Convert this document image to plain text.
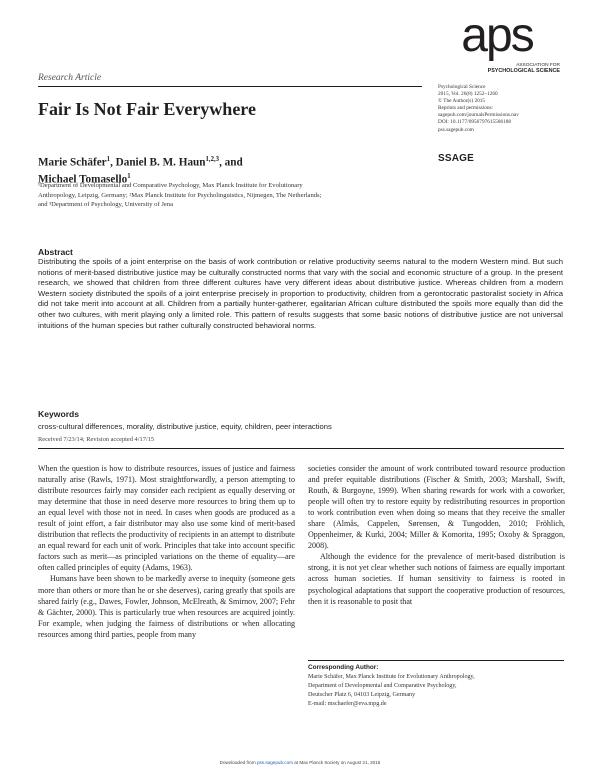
aps
ASSOCIATION FOR
PSYCHOLOGICAL SCIENCE
Research Article
Psychological Science
2015, Vol. 26(8) 1252–1260
© The Author(s) 2015
Reprints and permissions:
sagepub.com/journalsPermissions.nav
DOI: 10.1177/0956797615586188
pss.sagepub.com
SSAGE
Fair Is Not Fair Everywhere
Marie Schäfer$^1$, Daniel B. M. Haun$^{1,2,3}$, and
Michael Tomasello$^1$
¹Department of Developmental and Comparative Psychology, Max Planck Institute for Evolutionary
Anthropology, Leipzig, Germany; ²Max Planck Institute for Psycholinguistics, Nijmegen, The Netherlands;
and ³Department of Psychology, University of Jena
Abstract
Distributing the spoils of a joint enterprise on the basis of work contribution or relative productivity seems natural to the modern Western mind. But such notions of merit-based distributive justice may be culturally constructed norms that vary with the social and economic structure of a group. In the present research, we showed that children from three different cultures have very different ideas about distributive justice. Whereas children from a modern Western society distributed the spoils of a joint enterprise precisely in proportion to productivity, children from a gerontocratic pastoralist society in Africa did not take merit into account at all. Children from a partially hunter-gatherer, egalitarian African culture distributed the spoils more equally than did the other two cultures, with merit playing only a limited role. This pattern of results suggests that some basic notions of distributive justice are not universal intuitions of the human species but rather culturally constructed behavioral norms.
Keywords
cross-cultural differences, morality, distributive justice, equity, children, peer interactions
Received 7/23/14; Revision accepted 4/17/15

When the question is how to distribute resources, issues of justice and fairness naturally arise (Rawls, 1971). Most straightforwardly, a person attempting to distribute resources fairly may consider each recipient as equally deserving or may determine that those in need deserve more resources to bring them up to an equal level with those not in need. In cases when goods are produced as a result of joint effort, a fair distributor may also use some kind of merit-based distribution that reflects the productivity of recipients in an attempt to distribute an equal reward for each unit of work. Principles that take into account specific factors such as merit—as principled variations on the theme of equality—are often called principles of equity (Adams, 1963).

Humans have been shown to be markedly averse to inequity (someone gets more than others or more than he or she deserves), caring greatly that spoils are shared fairly (e.g., Dawes, Fowler, Johnson, McElreath, & Smirnov, 2007; Fehr & Gächter, 2000). This is particularly true when resources are acquired jointly. For example, when judging the fairness of distributions or when allocating resources among third parties, people from many

societies consider the amount of work contributed toward resource production and prefer equitable distributions (Fischer & Smith, 2003; Marshall, Swift, Routh, & Burgoyne, 1999). When sharing rewards for work with a coworker, people will often try to restore equity by redistributing resources in proportion to work contribution even when doing so means that they receive the smaller share (Almås, Cappelen, Sørensen, & Tungodden, 2010; Fröhlich, Oppenheimer, & Kurki, 2004; Miller & Komorita, 1995; Oxoby & Spraggon, 2008).

Although the evidence for the prevalence of merit-based distribution is strong, it is not yet clear whether such notions of fairness are equally important across human societies. If human sensitivity to fairness is rooted in psychological adaptations that support the cooperative production of resources, then it is reasonable to posit that

Corresponding Author:
Marie Schäfer, Max Planck Institute for Evolutionary Anthropology,
Department of Developmental and Comparative Psychology,
Deutscher Platz 6, 04103 Leipzig, Germany
E-mail: mschaefer@eva.mpg.de
Downloaded from pss.sagepub.com at Max Planck Society on August 21, 2015
